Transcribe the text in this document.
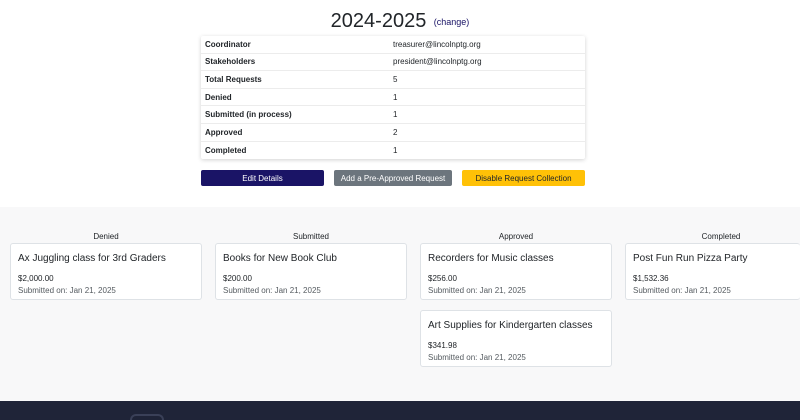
2024-2025 (change)
Coordinator	treasurer@lincolnptg.org
Stakeholders	president@lincolnptg.org
Total Requests	5
Denied	1
Submitted (in process)	1
Approved	2
Completed	1
Edit Details	Add a Pre-Approved Request	Disable Request Collection
Denied	Submitted	Approved	Completed
Ax Juggling class for 3rd Graders
$2,000.00
Submitted on: Jan 21, 2025
Books for New Book Club
$200.00
Submitted on: Jan 21, 2025
Recorders for Music classes
$256.00
Submitted on: Jan 21, 2025
Art Supplies for Kindergarten classes
$341.98
Submitted on: Jan 21, 2025
Post Fun Run Pizza Party
$1,532.36
Submitted on: Jan 21, 2025
